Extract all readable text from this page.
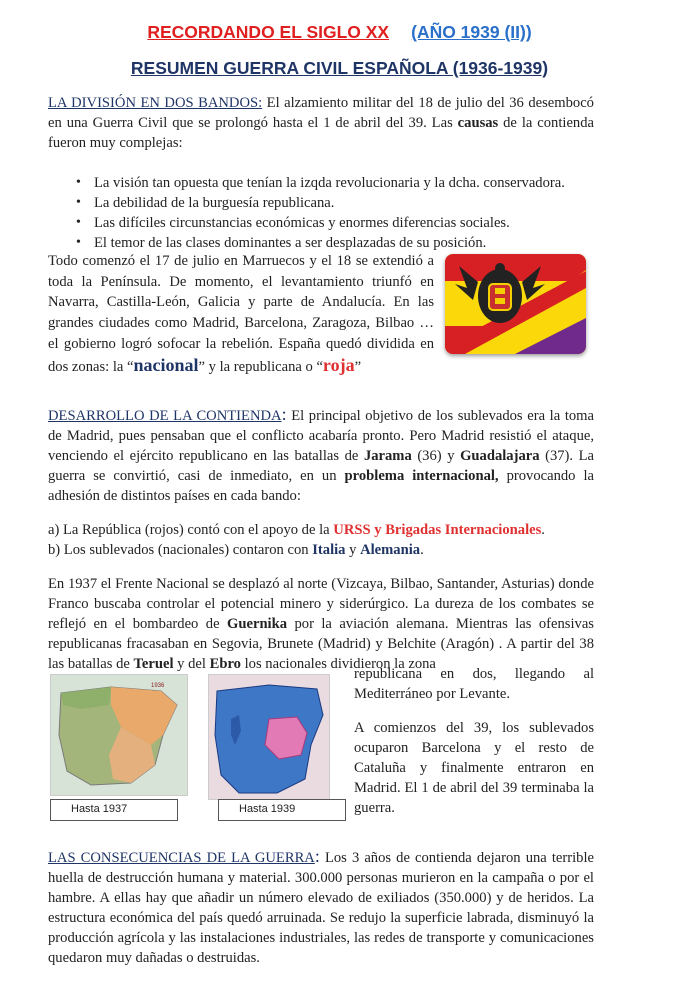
RECORDANDO EL SIGLO XX (AÑO 1939 (II))
RESUMEN GUERRA CIVIL ESPAÑOLA (1936-1939)

LA DIVISIÓN EN DOS BANDOS: El alzamiento militar del 18 de julio del 36 desembocó en una Guerra Civil que se prolongó hasta el 1 de abril del 39. Las causas de la contienda fueron muy complejas:

• La visión tan opuesta que tenían la izqda revolucionaria y la dcha. conservadora.
• La debilidad de la burguesía republicana.
• Las difíciles circunstancias económicas y enormes diferencias sociales.
• El temor de las clases dominantes a ser desplazadas de su posición.

Todo comenzó el 17 de julio en Marruecos y el 18 se extendió a toda la Península. De momento, el levantamiento triunfó en Navarra, Castilla-León, Galicia y parte de Andalucía. En las grandes ciudades como Madrid, Barcelona, Zaragoza, Bilbao … el gobierno logró sofocar la rebelión. España quedó dividida en dos zonas: la “nacional” y la republicana o “roja”

DESARROLLO DE LA CONTIENDA: El principal objetivo de los sublevados era la toma de Madrid, pues pensaban que el conflicto acabaría pronto. Pero Madrid resistió el ataque, venciendo el ejército republicano en las batallas de Jarama (36) y Guadalajara (37). La guerra se convirtió, casi de inmediato, en un problema internacional, provocando la adhesión de distintos países en cada bando:

a) La República (rojos) contó con el apoyo de la URSS y Brigadas Internacionales.

b) Los sublevados (nacionales) contaron con Italia y Alemania.

En 1937 el Frente Nacional se desplazó al norte (Vizcaya, Bilbao, Santander, Asturias) donde Franco buscaba controlar el potencial minero y siderúrgico. La dureza de los combates se reflejó en el bombardeo de Guernika por la aviación alemana. Mientras las ofensivas republicanas fracasaban en Segovia, Brunete (Madrid) y Belchite (Aragón) . A partir del 38 las batallas de Teruel y del Ebro los nacionales dividieron la zona

republicana en dos, llegando al Mediterráneo por Levante.

A comienzos del 39, los sublevados ocuparon Barcelona y el resto de Cataluña y finalmente entraron en Madrid. El 1 de abril del 39 terminaba la guerra.

1936
Hasta 1937	Hasta 1939

LAS CONSECUENCIAS DE LA GUERRA: Los 3 años de contienda dejaron una terrible huella de destrucción humana y material. 300.000 personas murieron en la campaña o por el hambre. A ellas hay que añadir un número elevado de exiliados (350.000) y de heridos. La estructura económica del país quedó arruinada. Se redujo la superficie labrada, disminuyó la producción agrícola y las instalaciones industriales, las redes de transporte y comunicaciones quedaron muy dañadas o destruidas.
